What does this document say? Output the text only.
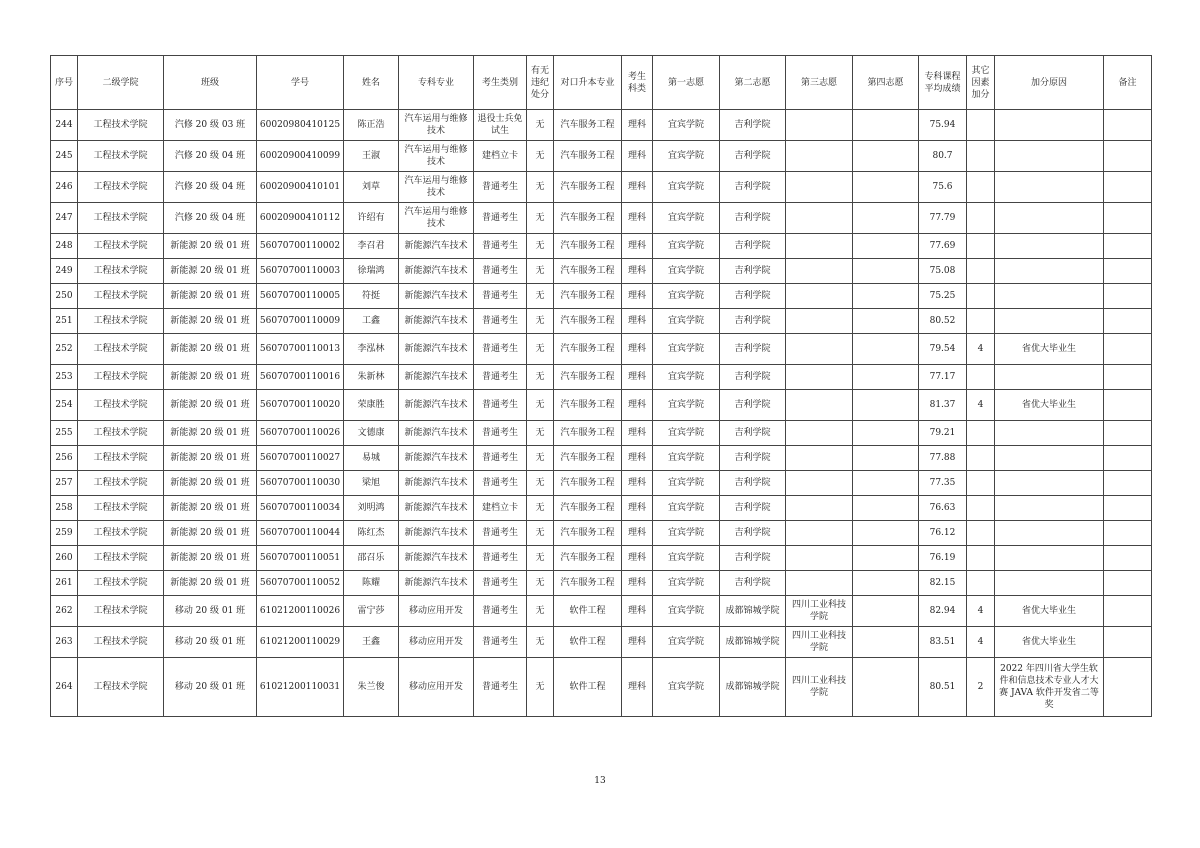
序号	二级学院	班级	学号	姓名	专科专业	考生类别	有无违纪处分	对口升本专业	考生科类	第一志愿	第二志愿	第三志愿	第四志愿	专科课程平均成绩	其它因素加分	加分原因	备注
244	工程技术学院	汽修 20 级 03 班	60020980410125	陈正浩	汽车运用与维修技术	退役士兵免试生	无	汽车服务工程	理科	宜宾学院	吉利学院			75.94			
245	工程技术学院	汽修 20 级 04 班	60020900410099	王淑	汽车运用与维修技术	建档立卡	无	汽车服务工程	理科	宜宾学院	吉利学院			80.7			
246	工程技术学院	汽修 20 级 04 班	60020900410101	刘草	汽车运用与维修技术	普通考生	无	汽车服务工程	理科	宜宾学院	吉利学院			75.6			
247	工程技术学院	汽修 20 级 04 班	60020900410112	许绍有	汽车运用与维修技术	普通考生	无	汽车服务工程	理科	宜宾学院	吉利学院			77.79			
248	工程技术学院	新能源 20 级 01 班	56070700110002	李召君	新能源汽车技术	普通考生	无	汽车服务工程	理科	宜宾学院	吉利学院			77.69			
249	工程技术学院	新能源 20 级 01 班	56070700110003	徐瑞鸿	新能源汽车技术	普通考生	无	汽车服务工程	理科	宜宾学院	吉利学院			75.08			
250	工程技术学院	新能源 20 级 01 班	56070700110005	符挺	新能源汽车技术	普通考生	无	汽车服务工程	理科	宜宾学院	吉利学院			75.25			
251	工程技术学院	新能源 20 级 01 班	56070700110009	工鑫	新能源汽车技术	普通考生	无	汽车服务工程	理科	宜宾学院	吉利学院			80.52			
252	工程技术学院	新能源 20 级 01 班	56070700110013	李泓林	新能源汽车技术	普通考生	无	汽车服务工程	理科	宜宾学院	吉利学院			79.54	4	省优大毕业生	
253	工程技术学院	新能源 20 级 01 班	56070700110016	朱新林	新能源汽车技术	普通考生	无	汽车服务工程	理科	宜宾学院	吉利学院			77.17			
254	工程技术学院	新能源 20 级 01 班	56070700110020	荣康胜	新能源汽车技术	普通考生	无	汽车服务工程	理科	宜宾学院	吉利学院			81.37	4	省优大毕业生	
255	工程技术学院	新能源 20 级 01 班	56070700110026	文德康	新能源汽车技术	普通考生	无	汽车服务工程	理科	宜宾学院	吉利学院			79.21			
256	工程技术学院	新能源 20 级 01 班	56070700110027	易城	新能源汽车技术	普通考生	无	汽车服务工程	理科	宜宾学院	吉利学院			77.88			
257	工程技术学院	新能源 20 级 01 班	56070700110030	梁旭	新能源汽车技术	普通考生	无	汽车服务工程	理科	宜宾学院	吉利学院			77.35			
258	工程技术学院	新能源 20 级 01 班	56070700110034	刘明鸿	新能源汽车技术	建档立卡	无	汽车服务工程	理科	宜宾学院	吉利学院			76.63			
259	工程技术学院	新能源 20 级 01 班	56070700110044	陈红杰	新能源汽车技术	普通考生	无	汽车服务工程	理科	宜宾学院	吉利学院			76.12			
260	工程技术学院	新能源 20 级 01 班	56070700110051	邵召乐	新能源汽车技术	普通考生	无	汽车服务工程	理科	宜宾学院	吉利学院			76.19			
261	工程技术学院	新能源 20 级 01 班	56070700110052	陈耀	新能源汽车技术	普通考生	无	汽车服务工程	理科	宜宾学院	吉利学院			82.15			
262	工程技术学院	移动 20 级 01 班	61021200110026	雷宁莎	移动应用开发	普通考生	无	软件工程	理科	宜宾学院	成都锦城学院	四川工业科技学院		82.94	4	省优大毕业生	
263	工程技术学院	移动 20 级 01 班	61021200110029	王鑫	移动应用开发	普通考生	无	软件工程	理科	宜宾学院	成都锦城学院	四川工业科技学院		83.51	4	省优大毕业生	
264	工程技术学院	移动 20 级 01 班	61021200110031	朱兰俊	移动应用开发	普通考生	无	软件工程	理科	宜宾学院	成都锦城学院	四川工业科技学院		80.51	2	2022 年四川省大学生软件和信息技术专业人才大赛 JAVA 软件开发省二等奖	
13
